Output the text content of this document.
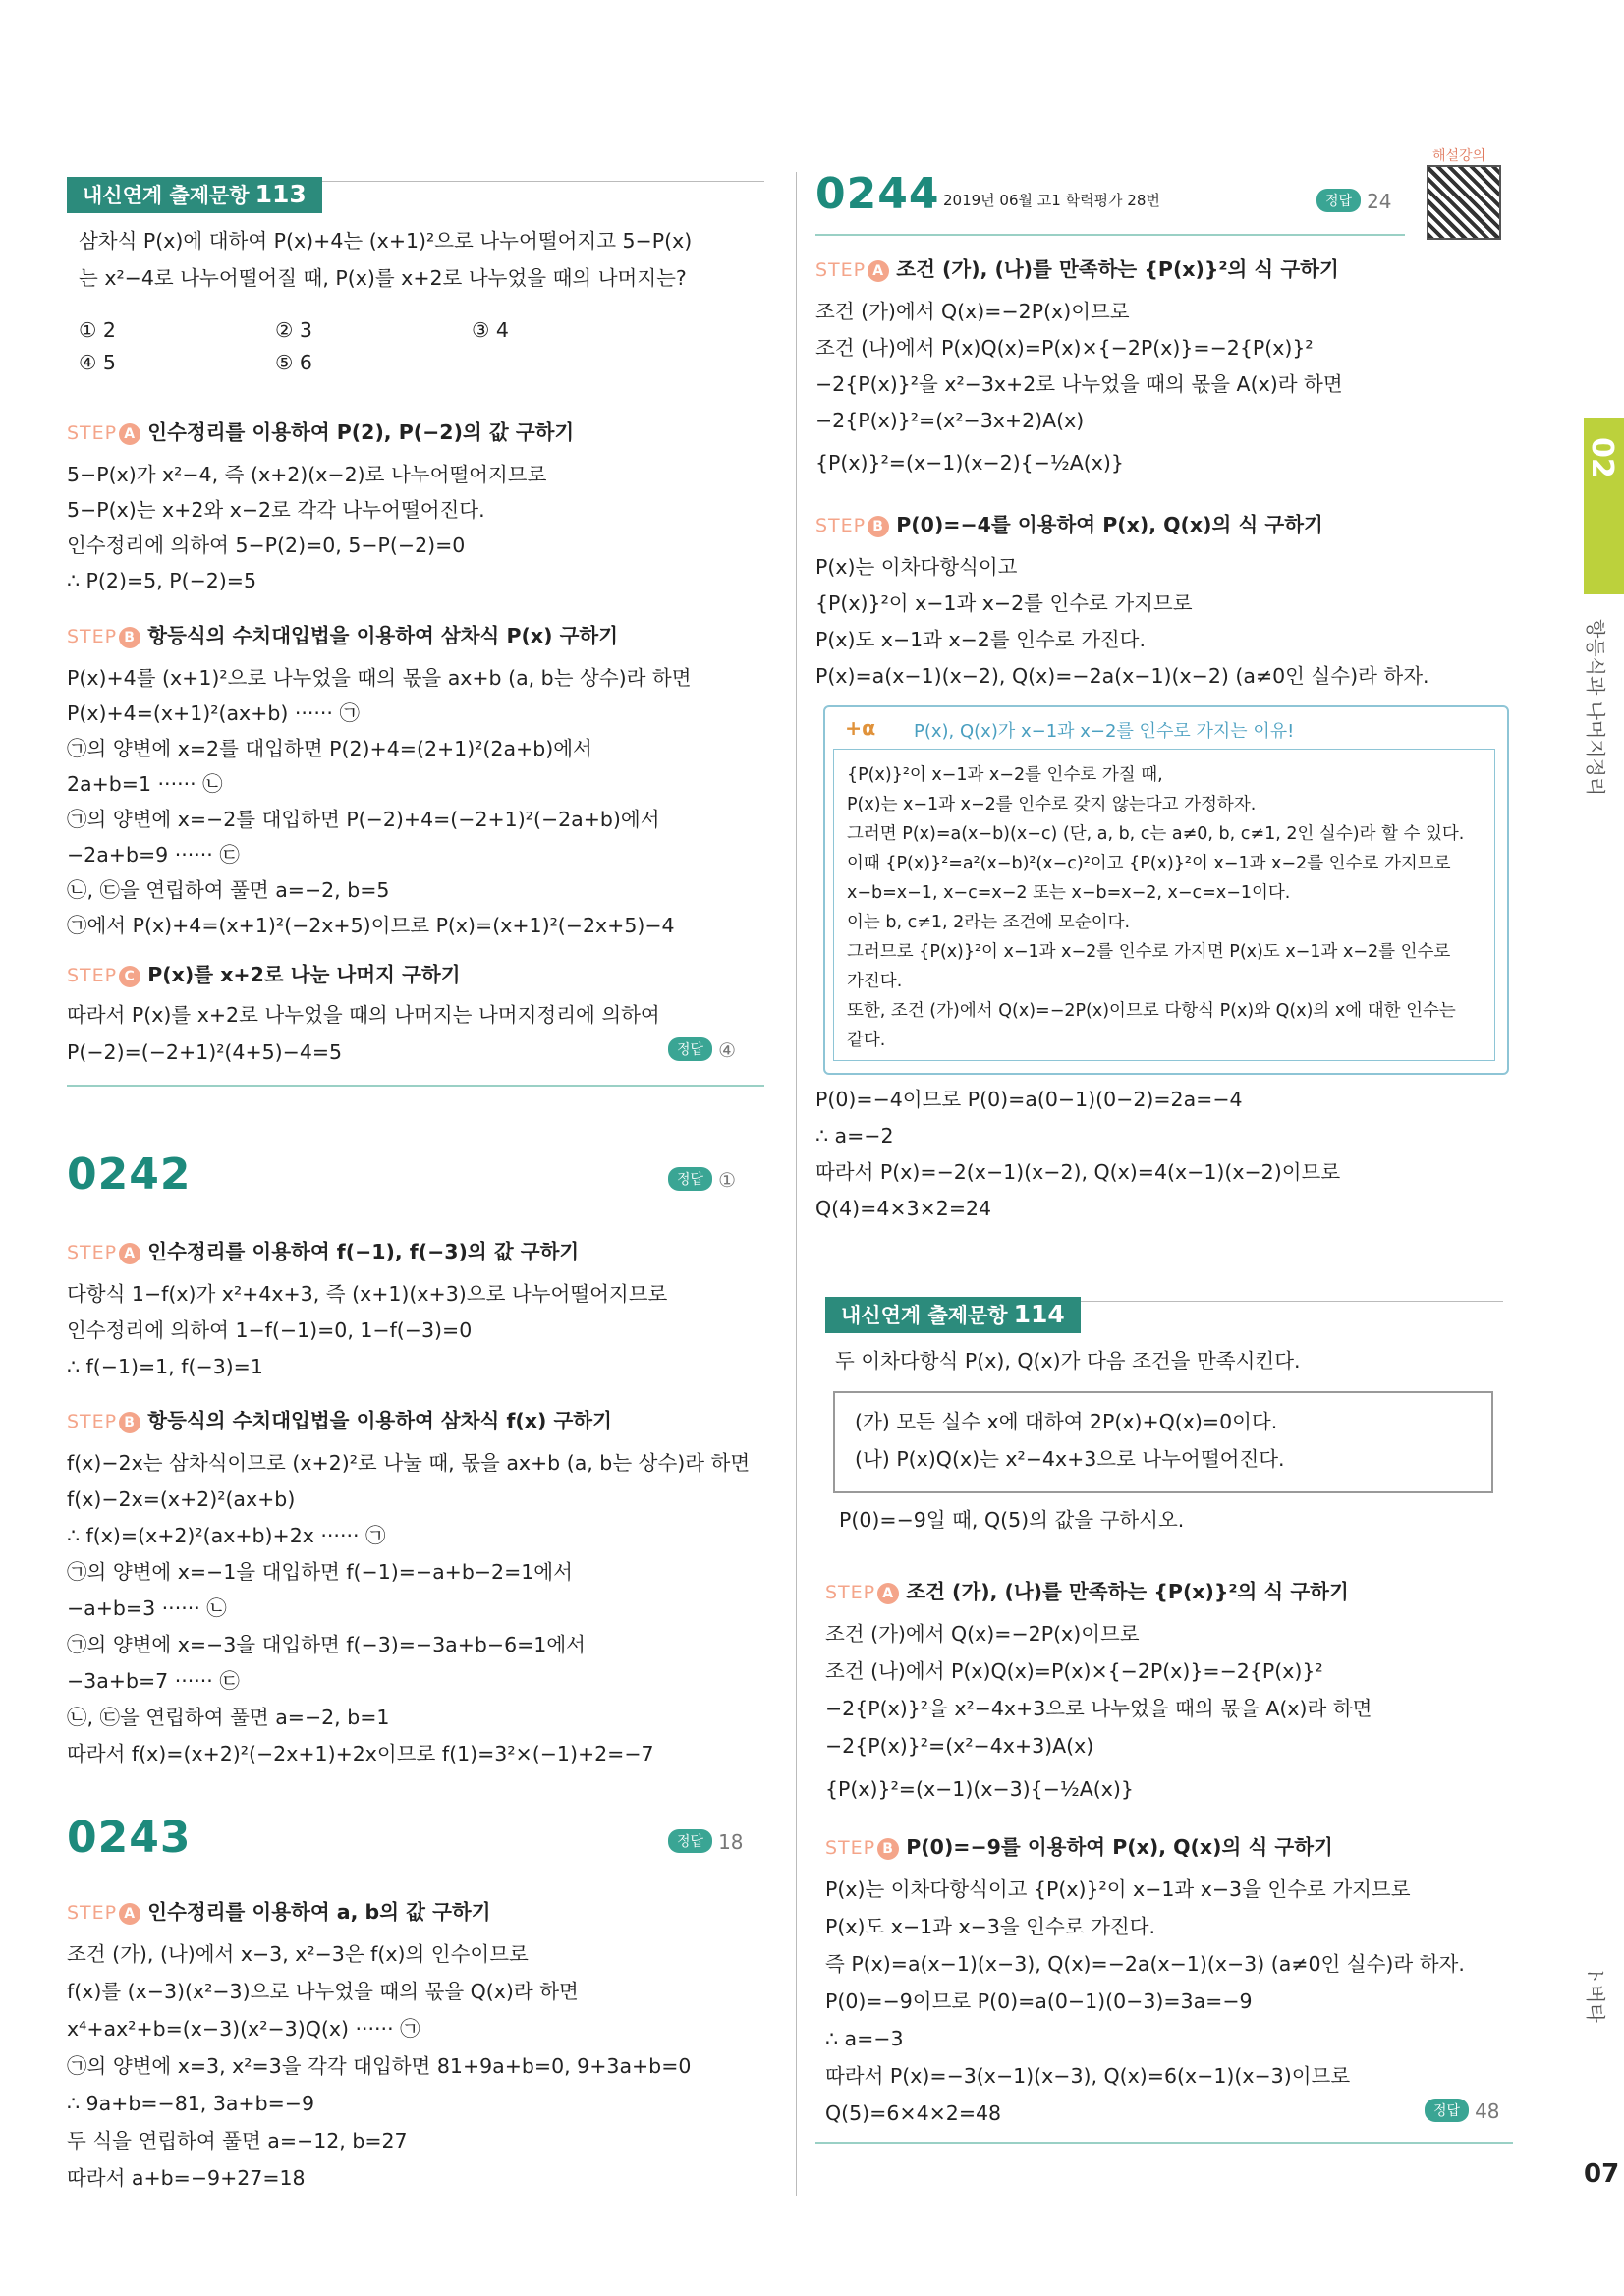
내신연계 출제문항 113
삼차식 P(x)에 대하여 P(x)+4는 (x+1)²으로 나누어떨어지고 5−P(x)
는 x²−4로 나누어떨어질 때, P(x)를 x+2로 나누었을 때의 나머지는?
① 2	② 3	③ 4
④ 5	⑤ 6
STEP A 인수정리를 이용하여 P(2), P(−2)의 값 구하기
5−P(x)가 x²−4, 즉 (x+2)(x−2)로 나누어떨어지므로
5−P(x)는 x+2와 x−2로 각각 나누어떨어진다.
인수정리에 의하여 5−P(2)=0, 5−P(−2)=0
∴ P(2)=5, P(−2)=5
STEP B 항등식의 수치대입법을 이용하여 삼차식 P(x) 구하기
P(x)+4를 (x+1)²으로 나누었을 때의 몫을 ax+b (a, b는 상수)라 하면
P(x)+4=(x+1)²(ax+b) ······ ㉠
㉠의 양변에 x=2를 대입하면 P(2)+4=(2+1)²(2a+b)에서
2a+b=1 ······ ㉡
㉠의 양변에 x=−2를 대입하면 P(−2)+4=(−2+1)²(−2a+b)에서
−2a+b=9 ······ ㉢
㉡, ㉢을 연립하여 풀면 a=−2, b=5
㉠에서 P(x)+4=(x+1)²(−2x+5)이므로 P(x)=(x+1)²(−2x+5)−4
STEP C P(x)를 x+2로 나눈 나머지 구하기
따라서 P(x)를 x+2로 나누었을 때의 나머지는 나머지정리에 의하여
P(−2)=(−2+1)²(4+5)−4=5	정답 ④
0242	정답 ①
STEP A 인수정리를 이용하여 f(−1), f(−3)의 값 구하기
다항식 1−f(x)가 x²+4x+3, 즉 (x+1)(x+3)으로 나누어떨어지므로
인수정리에 의하여 1−f(−1)=0, 1−f(−3)=0
∴ f(−1)=1, f(−3)=1
STEP B 항등식의 수치대입법을 이용하여 삼차식 f(x) 구하기
f(x)−2x는 삼차식이므로 (x+2)²로 나눌 때, 몫을 ax+b (a, b는 상수)라 하면
f(x)−2x=(x+2)²(ax+b)
∴ f(x)=(x+2)²(ax+b)+2x ······ ㉠
㉠의 양변에 x=−1을 대입하면 f(−1)=−a+b−2=1에서
−a+b=3 ······ ㉡
㉠의 양변에 x=−3을 대입하면 f(−3)=−3a+b−6=1에서
−3a+b=7 ······ ㉢
㉡, ㉢을 연립하여 풀면 a=−2, b=1
따라서 f(x)=(x+2)²(−2x+1)+2x이므로 f(1)=3²×(−1)+2=−7
0243	정답 18
STEP A 인수정리를 이용하여 a, b의 값 구하기
조건 (가), (나)에서 x−3, x²−3은 f(x)의 인수이므로
f(x)를 (x−3)(x²−3)으로 나누었을 때의 몫을 Q(x)라 하면
x⁴+ax²+b=(x−3)(x²−3)Q(x) ······ ㉠
㉠의 양변에 x=3, x²=3을 각각 대입하면 81+9a+b=0, 9+3a+b=0
∴ 9a+b=−81, 3a+b=−9
두 식을 연립하여 풀면 a=−12, b=27
따라서 a+b=−9+27=18
해설강의
0244 2019년 06월 고1 학력평가 28번	정답 24
STEP A 조건 (가), (나)를 만족하는 {P(x)}²의 식 구하기
조건 (가)에서 Q(x)=−2P(x)이므로
조건 (나)에서 P(x)Q(x)=P(x)×{−2P(x)}=−2{P(x)}²
−2{P(x)}²을 x²−3x+2로 나누었을 때의 몫을 A(x)라 하면
−2{P(x)}²=(x²−3x+2)A(x)
{P(x)}²=(x−1)(x−2){−½A(x)}
STEP B P(0)=−4를 이용하여 P(x), Q(x)의 식 구하기
P(x)는 이차다항식이고
{P(x)}²이 x−1과 x−2를 인수로 가지므로
P(x)도 x−1과 x−2를 인수로 가진다.
P(x)=a(x−1)(x−2), Q(x)=−2a(x−1)(x−2) (a≠0인 실수)라 하자.
+α P(x), Q(x)가 x−1과 x−2를 인수로 가지는 이유!
{P(x)}²이 x−1과 x−2를 인수로 가질 때,
P(x)는 x−1과 x−2를 인수로 갖지 않는다고 가정하자.
그러면 P(x)=a(x−b)(x−c) (단, a, b, c는 a≠0, b, c≠1, 2인 실수)라 할 수 있다.
이때 {P(x)}²=a²(x−b)²(x−c)²이고 {P(x)}²이 x−1과 x−2를 인수로 가지므로
x−b=x−1, x−c=x−2 또는 x−b=x−2, x−c=x−1이다.
이는 b, c≠1, 2라는 조건에 모순이다.
그러므로 {P(x)}²이 x−1과 x−2를 인수로 가지면 P(x)도 x−1과 x−2를 인수로
가진다.
또한, 조건 (가)에서 Q(x)=−2P(x)이므로 다항식 P(x)와 Q(x)의 x에 대한 인수는
같다.
P(0)=−4이므로 P(0)=a(0−1)(0−2)=2a=−4
∴ a=−2
따라서 P(x)=−2(x−1)(x−2), Q(x)=4(x−1)(x−2)이므로
Q(4)=4×3×2=24
내신연계 출제문항 114
두 이차다항식 P(x), Q(x)가 다음 조건을 만족시킨다.
(가) 모든 실수 x에 대하여 2P(x)+Q(x)=0이다.
(나) P(x)Q(x)는 x²−4x+3으로 나누어떨어진다.
P(0)=−9일 때, Q(5)의 값을 구하시오.
STEP A 조건 (가), (나)를 만족하는 {P(x)}²의 식 구하기
조건 (가)에서 Q(x)=−2P(x)이므로
조건 (나)에서 P(x)Q(x)=P(x)×{−2P(x)}=−2{P(x)}²
−2{P(x)}²을 x²−4x+3으로 나누었을 때의 몫을 A(x)라 하면
−2{P(x)}²=(x²−4x+3)A(x)
{P(x)}²=(x−1)(x−3){−½A(x)}
STEP B P(0)=−9를 이용하여 P(x), Q(x)의 식 구하기
P(x)는 이차다항식이고 {P(x)}²이 x−1과 x−3을 인수로 가지므로
P(x)도 x−1과 x−3을 인수로 가진다.
즉 P(x)=a(x−1)(x−3), Q(x)=−2a(x−1)(x−3) (a≠0인 실수)라 하자.
P(0)=−9이므로 P(0)=a(0−1)(0−3)=3a=−9
∴ a=−3
따라서 P(x)=−3(x−1)(x−3), Q(x)=6(x−1)(x−3)이므로
Q(5)=6×4×2=48	정답 48
02
항등식과 나머지정리
ト버타
07
